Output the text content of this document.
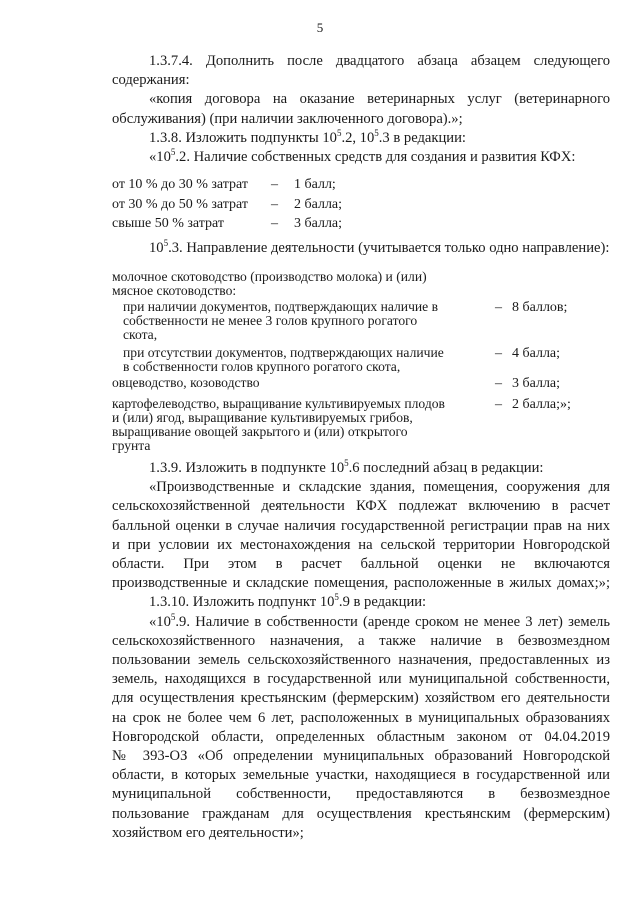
5

1.3.7.4. Дополнить после двадцатого абзаца абзацем следующего

содержания:

«копия договора на оказание ветеринарных услуг (ветеринарного

обслуживания) (при наличии заключенного договора).»;

1.3.8. Изложить подпункты $10^5.2$, $10^5.3$ в редакции:

«$10^5.2$. Наличие собственных средств для создания и развития КФХ:

от 10 % до 30 % затрат – 1 балл;
от 30 % до 50 % затрат – 2 балла;
свыше 50 % затрат	– 3 балла;

$10^5.3$. Направление деятельности (учитывается только одно направление):

молочное скотоводство (производство молока) и (или)
мясное скотоводство:
при наличии документов, подтверждающих наличие в
собственности не менее 3 голов крупного рогатого
скота,
– 8 баллов;
при отсутствии документов, подтверждающих наличие
в собственности голов крупного рогатого скота,
– 4 балла;
овцеводство, козоводство	– 3 балла;
картофелеводство, выращивание культивируемых плодов
и (или) ягод, выращивание культивируемых грибов,
выращивание овощей закрытого и (или) открытого
грунта
– 2 балла;»;

1.3.9. Изложить в подпункте $10^5.6$ последний абзац в редакции:

«Производственные и складские здания, помещения, сооружения для

сельскохозяйственной деятельности КФХ подлежат включению в расчет
балльной оценки в случае наличия государственной регистрации прав на них
и при условии их местонахождения на сельской территории Новгородской
области. При этом в расчет балльной оценки не включаются
производственные и складские помещения, расположенные в жилых домах;»;

1.3.10. Изложить подпункт $10^5.9$ в редакции:

«$10^5.9$. Наличие в собственности (аренде сроком не менее 3 лет) земель

сельскохозяйственного назначения, а также наличие в безвозмездном
пользовании земель сельскохозяйственного назначения, предоставленных из
земель, находящихся в государственной или муниципальной собственности,
для осуществления крестьянским (фермерским) хозяйством его деятельности
на срок не более чем 6 лет, расположенных в муниципальных образованиях
Новгородской области, определенных областным законом от 04.04.2019
№ 393-ОЗ «Об определении муниципальных образований Новгородской
области, в которых земельные участки, находящиеся в государственной или
муниципальной собственности, предоставляются в безвозмездное
пользование гражданам для осуществления крестьянским (фермерским)
хозяйством его деятельности»;
